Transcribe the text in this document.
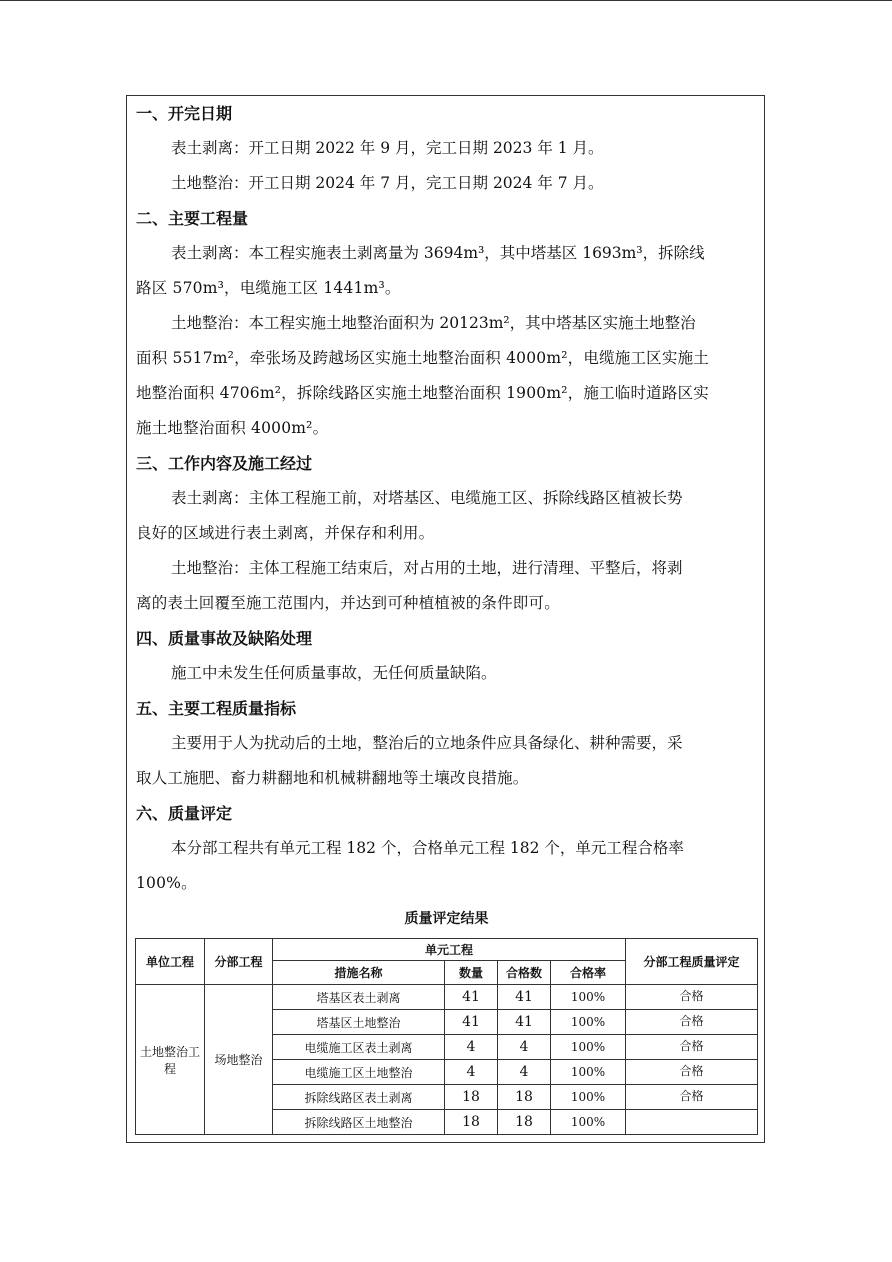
一、开完日期

表土剥离：开工日期 2022 年 9 月，完工日期 2023 年 1 月。

土地整治：开工日期 2024 年 7 月，完工日期 2024 年 7 月。

二、主要工程量

表土剥离：本工程实施表土剥离量为 3694m³，其中塔基区 1693m³，拆除线

路区 570m³，电缆施工区 1441m³。

土地整治：本工程实施土地整治面积为 20123m²，其中塔基区实施土地整治

面积 5517m²，牵张场及跨越场区实施土地整治面积 4000m²，电缆施工区实施土

地整治面积 4706m²，拆除线路区实施土地整治面积 1900m²，施工临时道路区实

施土地整治面积 4000m²。

三、工作内容及施工经过

表土剥离：主体工程施工前，对塔基区、电缆施工区、拆除线路区植被长势

良好的区域进行表土剥离，并保存和利用。

土地整治：主体工程施工结束后，对占用的土地，进行清理、平整后，将剥

离的表土回覆至施工范围内，并达到可种植植被的条件即可。

四、质量事故及缺陷处理

施工中未发生任何质量事故，无任何质量缺陷。

五、主要工程质量指标

主要用于人为扰动后的土地，整治后的立地条件应具备绿化、耕种需要，采

取人工施肥、畜力耕翻地和机械耕翻地等土壤改良措施。

六、质量评定

本分部工程共有单元工程 182 个，合格单元工程 182 个，单元工程合格率

100%。

质量评定结果
单位工程	分部工程	单元工程				分部工程质量评定
		措施名称	数量	合格数	合格率	
土地整治工程	场地整治	塔基区表土剥离	41	41	100%	合格
		塔基区土地整治	41	41	100%	合格
		电缆施工区表土剥离	4	4	100%	合格
		电缆施工区土地整治	4	4	100%	合格
		拆除线路区表土剥离	18	18	100%	合格
		拆除线路区土地整治	18	18	100%	
